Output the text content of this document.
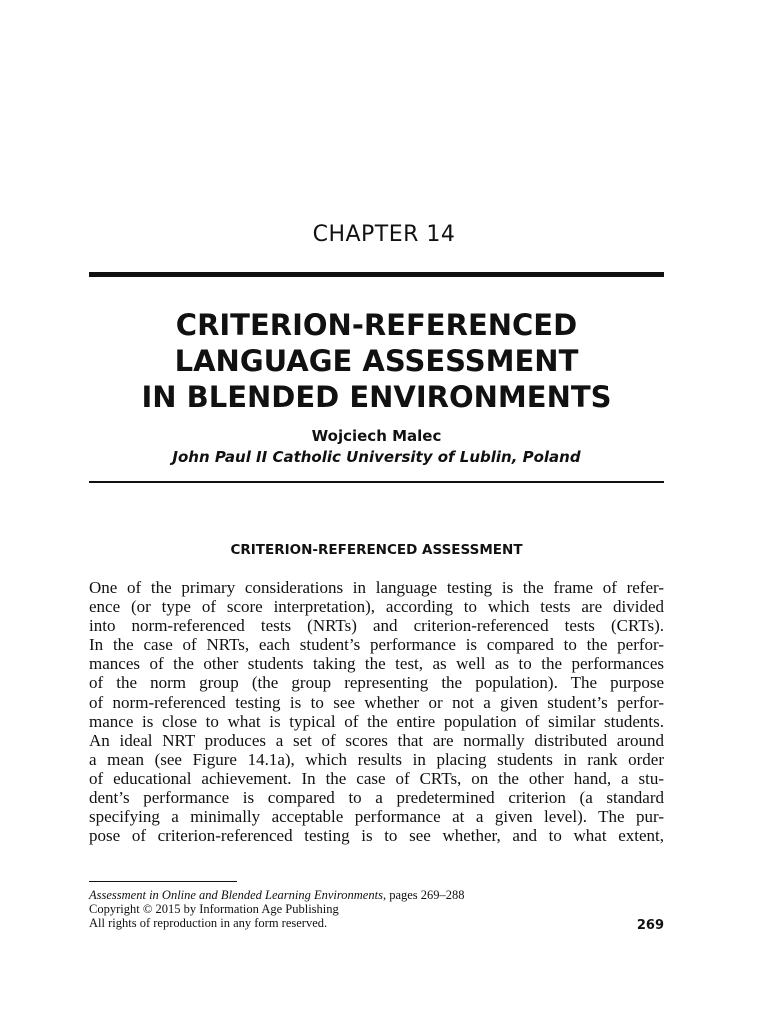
CHAPTER 14
CRITERION-REFERENCED
LANGUAGE ASSESSMENT
IN BLENDED ENVIRONMENTS
Wojciech Malec
John Paul II Catholic University of Lublin, Poland
CRITERION-REFERENCED ASSESSMENT
One of the primary considerations in language testing is the frame of refer-
ence (or type of score interpretation), according to which tests are divided
into norm-referenced tests (NRTs) and criterion-referenced tests (CRTs).
In the case of NRTs, each student’s performance is compared to the perfor-
mances of the other students taking the test, as well as to the performances
of the norm group (the group representing the population). The purpose
of norm-referenced testing is to see whether or not a given student’s perfor-
mance is close to what is typical of the entire population of similar students.
An ideal NRT produces a set of scores that are normally distributed around
a mean (see Figure 14.1a), which results in placing students in rank order
of educational achievement. In the case of CRTs, on the other hand, a stu-
dent’s performance is compared to a predetermined criterion (a standard
specifying a minimally acceptable performance at a given level). The pur-
pose of criterion-referenced testing is to see whether, and to what extent,
Assessment in Online and Blended Learning Environments, pages 269–288
Copyright © 2015 by Information Age Publishing
All rights of reproduction in any form reserved.	269
